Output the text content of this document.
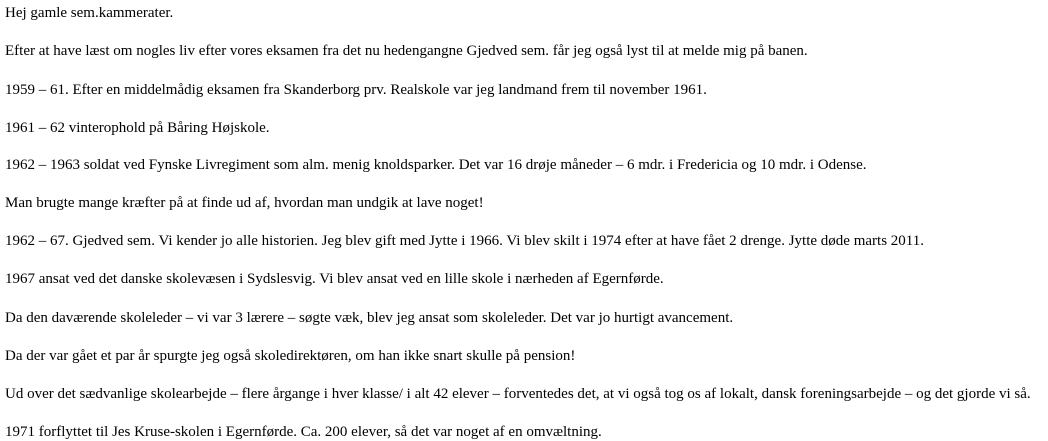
Hej gamle sem.kammerater.

Efter at have læst om nogles liv efter vores eksamen fra det nu hedengangne Gjedved sem. får jeg også lyst til at melde mig på banen.

1959 – 61. Efter en middelmådig eksamen fra Skanderborg prv. Realskole var jeg landmand frem til november 1961.

1961 – 62 vinterophold på Båring Højskole.

1962 – 1963 soldat ved Fynske Livregiment som alm. menig knoldsparker. Det var 16 drøje måneder – 6 mdr. i Fredericia og 10 mdr. i Odense.

Man brugte mange kræfter på at finde ud af, hvordan man undgik at lave noget!

1962 – 67. Gjedved sem. Vi kender jo alle historien. Jeg blev gift med Jytte i 1966. Vi blev skilt i 1974 efter at have fået 2 drenge. Jytte døde marts 2011.

1967 ansat ved det danske skolevæsen i Sydslesvig. Vi blev ansat ved en lille skole i nærheden af Egernførde.

Da den daværende skoleleder – vi var 3 lærere – søgte væk, blev jeg ansat som skoleleder. Det var jo hurtigt avancement.

Da der var gået et par år spurgte jeg også skoledirektøren, om han ikke snart skulle på pension!

Ud over det sædvanlige skolearbejde – flere årgange i hver klasse/ i alt 42 elever – forventedes det, at vi også tog os af lokalt, dansk foreningsarbejde – og det gjorde vi så.

1971 forflyttet til Jes Kruse-skolen i Egernførde. Ca. 200 elever, så det var noget af en omvæltning.
